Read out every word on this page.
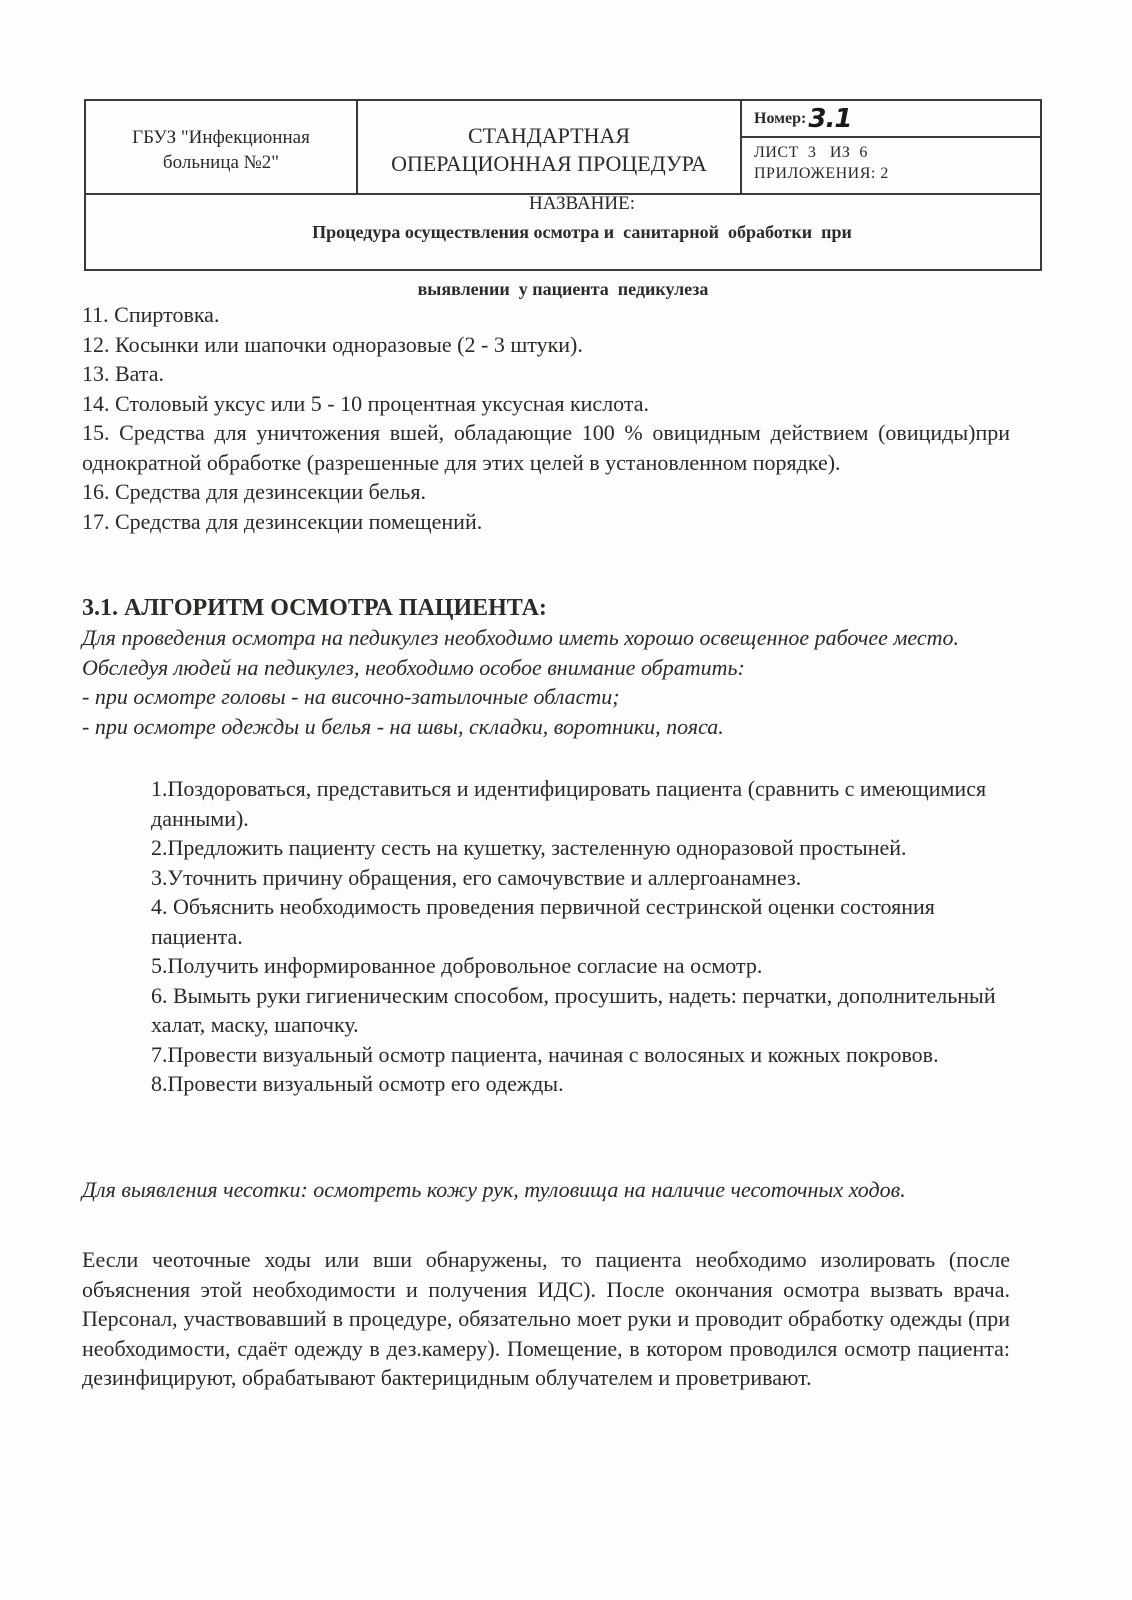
ГБУЗ "Инфекционная
больница №2"
СТАНДАРТНАЯ
ОПЕРАЦИОННАЯ ПРОЦЕДУРА
Номер: 3.1
ЛИСТ  3   ИЗ  6
ПРИЛОЖЕНИЯ: 2

НАЗВАНИЕ:
Процедура осуществления осмотра и  санитарной  обработки  при

выявлении  у пациента  педикулеза

11. Спиртовка.

12. Косынки или шапочки одноразовые (2 - 3 штуки).

13. Вата.

14. Столовый уксус или 5 - 10 процентная уксусная кислота.

15. Средства для уничтожения вшей, обладающие 100 % овицидным действием (овициды)при однократной обработке (разрешенные для этих целей в установленном порядке).

16. Средства для дезинсекции белья.

17. Средства для дезинсекции помещений.

3.1. АЛГОРИТМ ОСМОТРА ПАЦИЕНТА:

Для проведения осмотра на педикулез необходимо иметь хорошо освещенное рабочее место.

Обследуя людей на педикулез, необходимо особое внимание обратить:

- при осмотре головы - на височно-затылочные области;

- при осмотре одежды и белья - на швы, складки, воротники, пояса.

1.Поздороваться, представиться и идентифицировать пациента (сравнить с имеющимися данными).

2.Предложить пациенту сесть на кушетку, застеленную одноразовой простыней.

3.Уточнить причину обращения, его самочувствие и аллергоанамнез.

4. Объяснить необходимость проведения первичной сестринской оценки состояния пациента.

5.Получить информированное добровольное согласие на осмотр.

6. Вымыть руки гигиеническим способом, просушить, надеть: перчатки, дополнительный халат, маску, шапочку.

7.Провести визуальный осмотр пациента, начиная с волосяных и кожных покровов.

8.Провести визуальный осмотр его одежды.

Для выявления чесотки: осмотреть кожу рук, туловища на наличие чесоточных ходов.

Еесли чеоточные ходы или вши обнаружены, то пациента необходимо изолировать (после объяснения этой необходимости и получения ИДС). После окончания осмотра вызвать врача. Персонал, участвовавший в процедуре, обязательно моет руки и проводит обработку одежды (при необходимости, сдаёт одежду в дез.камеру). Помещение, в котором проводился осмотр пациента: дезинфицируют, обрабатывают бактерицидным облучателем и проветривают.
